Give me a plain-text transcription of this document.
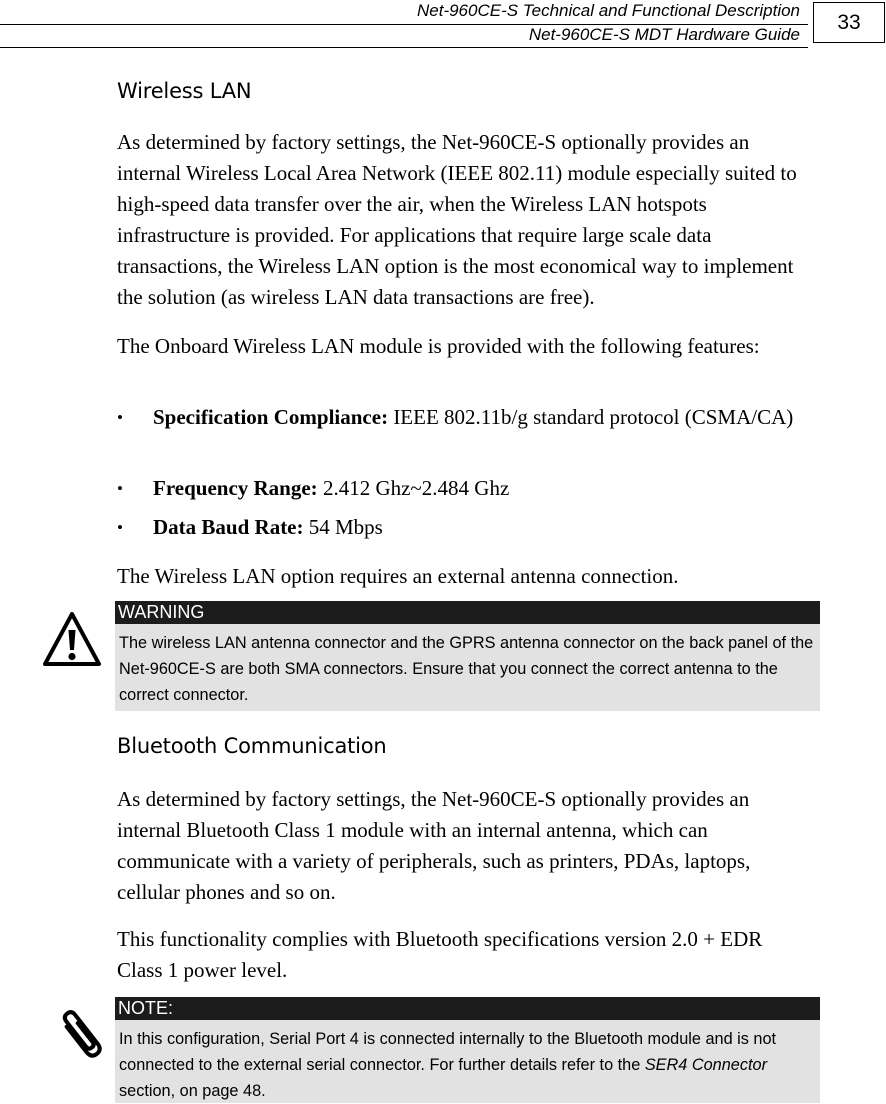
Net-960CE-S Technical and Functional Description
Net-960CE-S MDT Hardware Guide
33
Wireless LAN

As determined by factory settings, the Net-960CE-S optionally provides an internal Wireless Local Area Network (IEEE 802.11) module especially suited to high-speed data transfer over the air, when the Wireless LAN hotspots infrastructure is provided. For applications that require large scale data transactions, the Wireless LAN option is the most economical way to implement the solution (as wireless LAN data transactions are free).

The Onboard Wireless LAN module is provided with the following features:

• Specification Compliance: IEEE 802.11b/g standard protocol (CSMA/CA)
• Frequency Range: 2.412 Ghz~2.484 Ghz
• Data Baud Rate: 54 Mbps

The Wireless LAN option requires an external antenna connection.

WARNING
The wireless LAN antenna connector and the GPRS antenna connector on the back panel of the Net-960CE-S are both SMA connectors. Ensure that you connect the correct antenna to the correct connector.
Bluetooth Communication

As determined by factory settings, the Net-960CE-S optionally provides an internal Bluetooth Class 1 module with an internal antenna, which can communicate with a variety of peripherals, such as printers, PDAs, laptops, cellular phones and so on.

This functionality complies with Bluetooth specifications version 2.0 + EDR Class 1 power level.

NOTE:
In this configuration, Serial Port 4 is connected internally to the Bluetooth module and is not connected to the external serial connector. For further details refer to the SER4 Connector section, on page 48.
